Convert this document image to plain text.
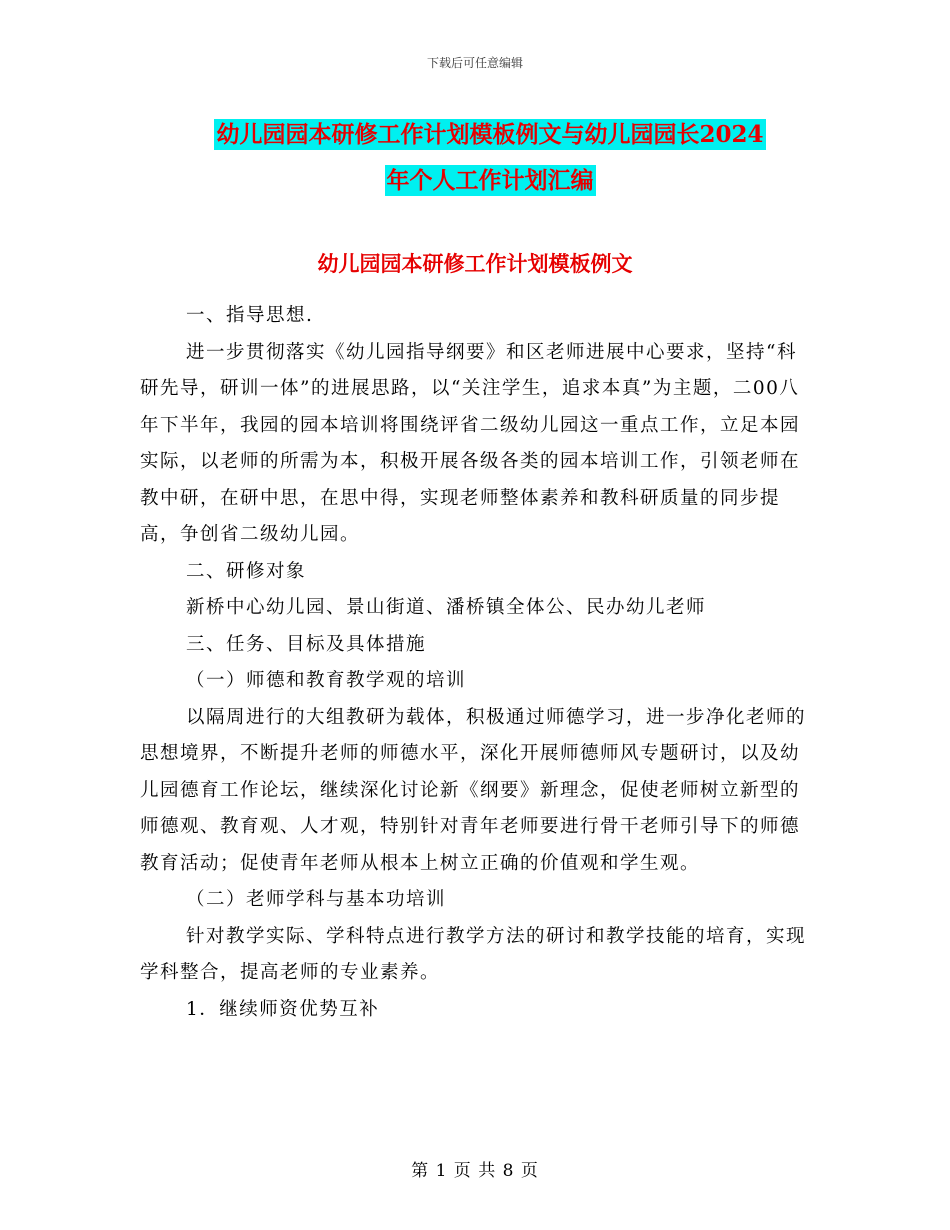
下载后可任意编辑
幼儿园园本研修工作计划模板例文与幼儿园园长2024
年个人工作计划汇编
幼儿园园本研修工作计划模板例文

一、指导思想.

进一步贯彻落实《幼儿园指导纲要》和区老师进展中心要求，坚持“科研先导，研训一体”的进展思路，以“关注学生，追求本真”为主题，二00八年下半年，我园的园本培训将围绕评省二级幼儿园这一重点工作，立足本园实际，以老师的所需为本，积极开展各级各类的园本培训工作，引领老师在教中研，在研中思，在思中得，实现老师整体素养和教科研质量的同步提高，争创省二级幼儿园。

二、研修对象

新桥中心幼儿园、景山街道、潘桥镇全体公、民办幼儿老师

三、任务、目标及具体措施

（一）师德和教育教学观的培训

以隔周进行的大组教研为载体，积极通过师德学习，进一步净化老师的思想境界，不断提升老师的师德水平，深化开展师德师风专题研讨，以及幼儿园德育工作论坛，继续深化讨论新《纲要》新理念，促使老师树立新型的师德观、教育观、人才观，特别针对青年老师要进行骨干老师引导下的师德教育活动；促使青年老师从根本上树立正确的价值观和学生观。

（二）老师学科与基本功培训

针对教学实际、学科特点进行教学方法的研讨和教学技能的培育，实现学科整合，提高老师的专业素养。

1．继续师资优势互补

第 1 页 共 8 页
